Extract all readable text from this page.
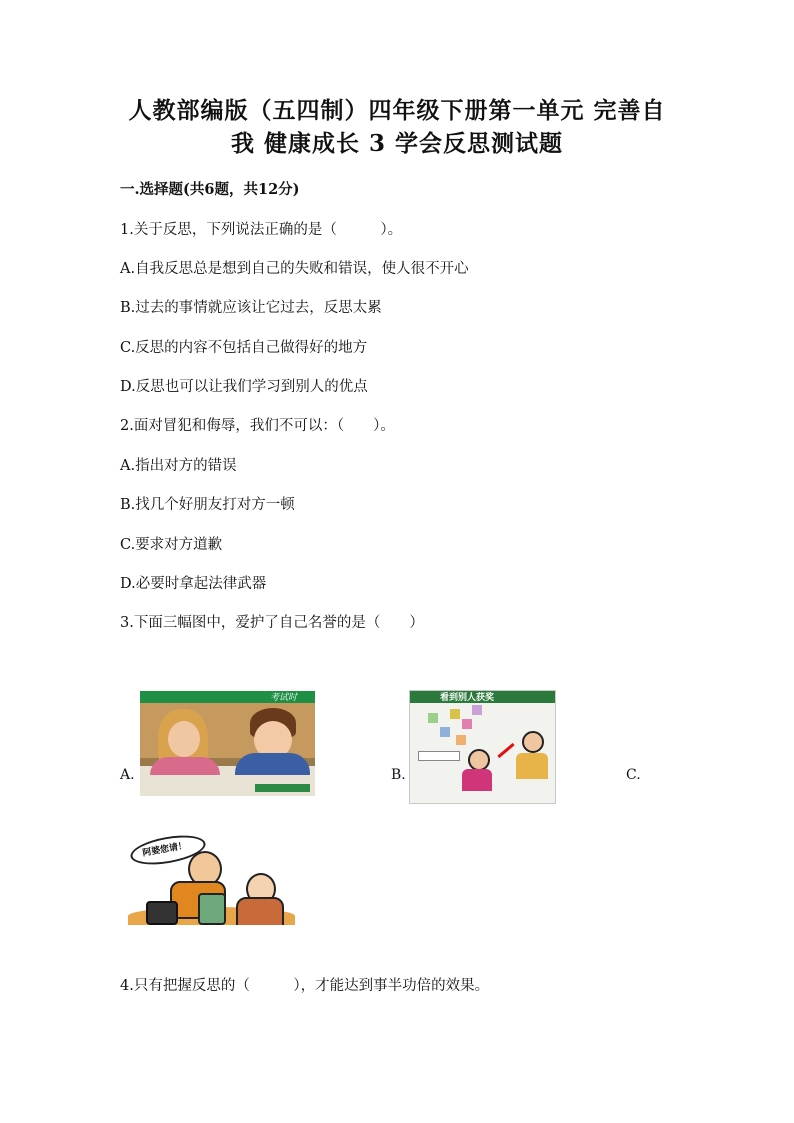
人教部编版（五四制）四年级下册第一单元 完善自
我 健康成长 3 学会反思测试题
一.选择题(共6题，共12分)
1.关于反思，下列说法正确的是（　　　）。
A.自我反思总是想到自己的失败和错误，使人很不开心
B.过去的事情就应该让它过去，反思太累
C.反思的内容不包括自己做得好的地方
D.反思也可以让我们学习到别人的优点
2.面对冒犯和侮辱，我们不可以：（　　）。
A.指出对方的错误
B.找几个好朋友打对方一顿
C.要求对方道歉
D.必要时拿起法律武器
3.下面三幅图中，爱护了自己名誉的是（　　）
A.
考试时
B.
看到别人获奖
C.
阿婆您请！
4.只有把握反思的（　　　），才能达到事半功倍的效果。
